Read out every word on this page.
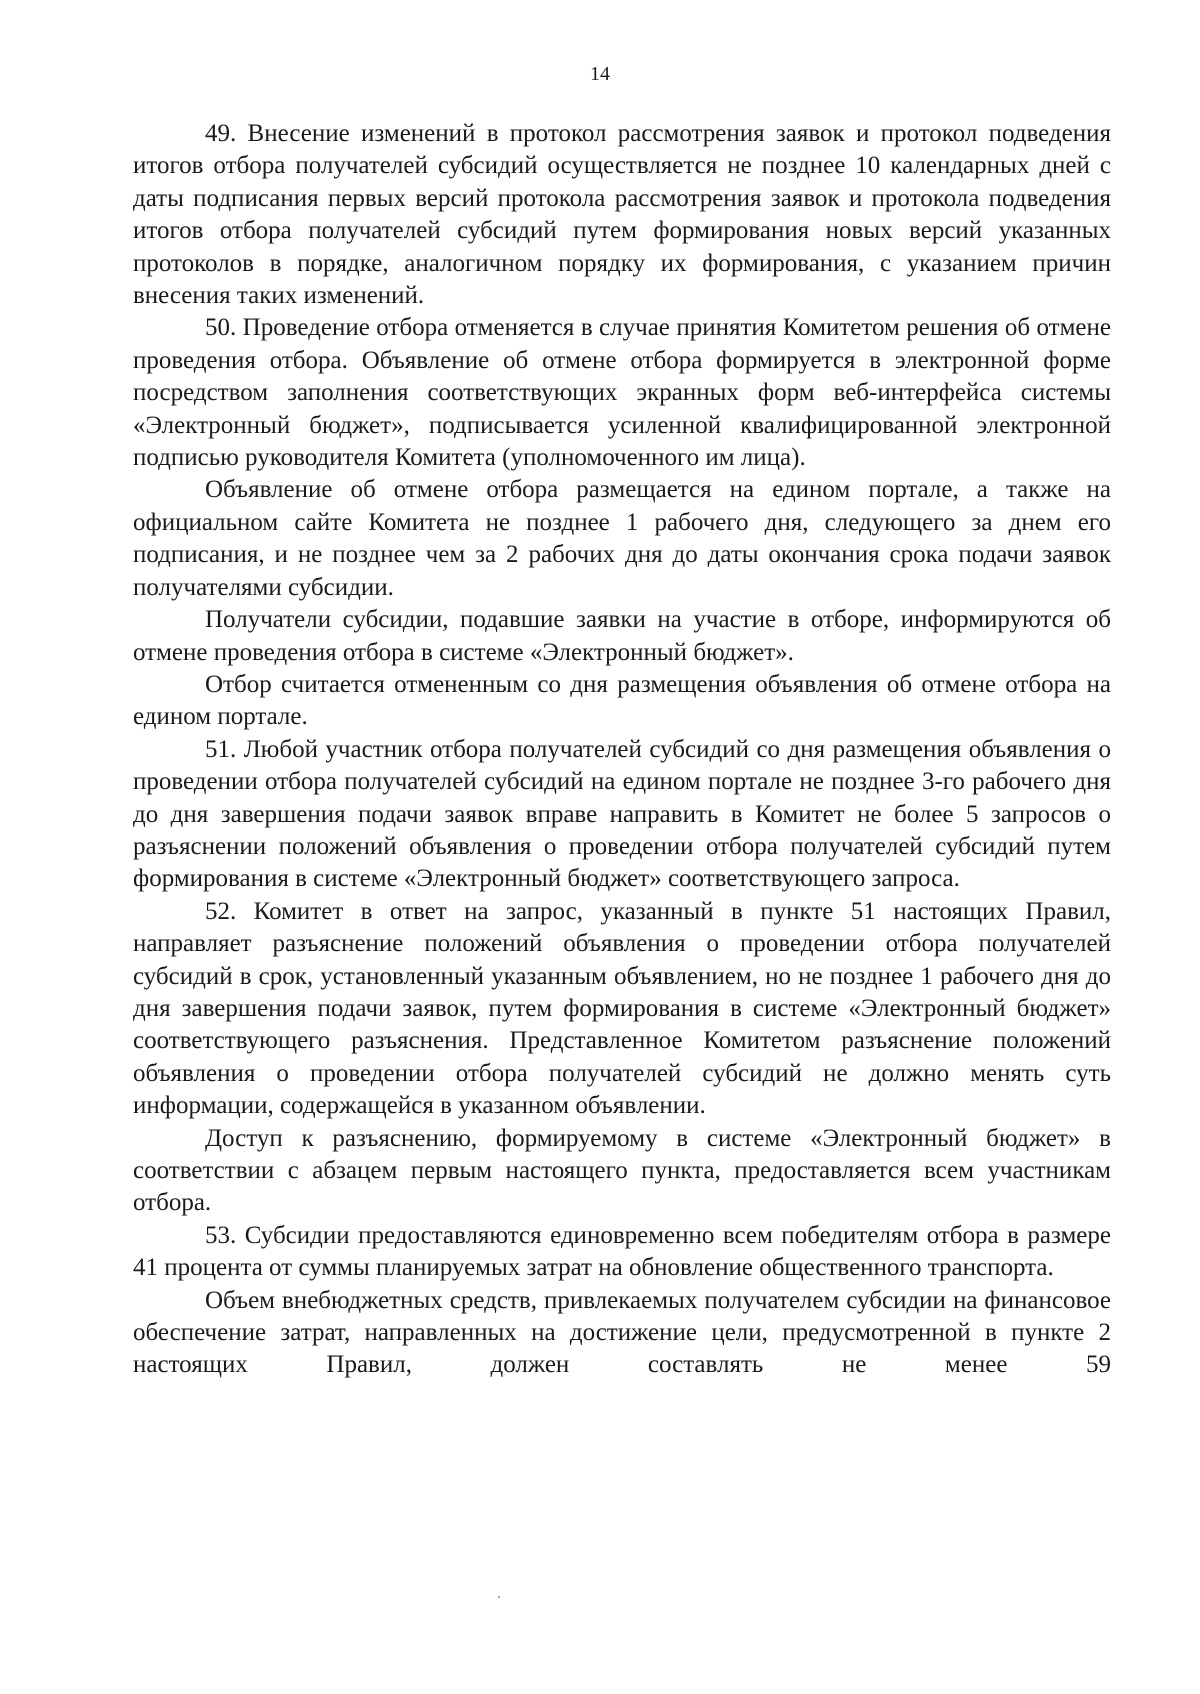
14

49. Внесение изменений в протокол рассмотрения заявок и протокол подведения итогов отбора получателей субсидий осуществляется не позднее 10 календарных дней с даты подписания первых версий протокола рассмотрения заявок и протокола подведения итогов отбора получателей субсидий путем формирования новых версий указанных протоколов в порядке, аналогичном порядку их формирования, с указанием причин внесения таких изменений.

50. Проведение отбора отменяется в случае принятия Комитетом решения об отмене проведения отбора. Объявление об отмене отбора формируется в электронной форме посредством заполнения соответствующих экранных форм веб-интерфейса системы «Электронный бюджет», подписывается усиленной квалифицированной электронной подписью руководителя Комитета (уполномоченного им лица).

Объявление об отмене отбора размещается на едином портале, а также на официальном сайте Комитета не позднее 1 рабочего дня, следующего за днем его подписания, и не позднее чем за 2 рабочих дня до даты окончания срока подачи заявок получателями субсидии.

Получатели субсидии, подавшие заявки на участие в отборе, информируются об отмене проведения отбора в системе «Электронный бюджет».

Отбор считается отмененным со дня размещения объявления об отмене отбора на едином портале.

51. Любой участник отбора получателей субсидий со дня размещения объявления о проведении отбора получателей субсидий на едином портале не позднее 3-го рабочего дня до дня завершения подачи заявок вправе направить в Комитет не более 5 запросов о разъяснении положений объявления о проведении отбора получателей субсидий путем формирования в системе «Электронный бюджет» соответствующего запроса.

52. Комитет в ответ на запрос, указанный в пункте 51 настоящих Правил, направляет разъяснение положений объявления о проведении отбора получателей субсидий в срок, установленный указанным объявлением, но не позднее 1 рабочего дня до дня завершения подачи заявок, путем формирования в системе «Электронный бюджет» соответствующего разъяснения. Представленное Комитетом разъяснение положений объявления о проведении отбора получателей субсидий не должно менять суть информации, содержащейся в указанном объявлении.

Доступ к разъяснению, формируемому в системе «Электронный бюджет» в соответствии с абзацем первым настоящего пункта, предоставляется всем участникам отбора.

53. Субсидии предоставляются единовременно всем победителям отбора в размере 41 процента от суммы планируемых затрат на обновление общественного транспорта.

Объем внебюджетных средств, привлекаемых получателем субсидии на финансовое обеспечение затрат, направленных на достижение цели, предусмотренной в пункте 2 настоящих Правил, должен составлять не менее 59
